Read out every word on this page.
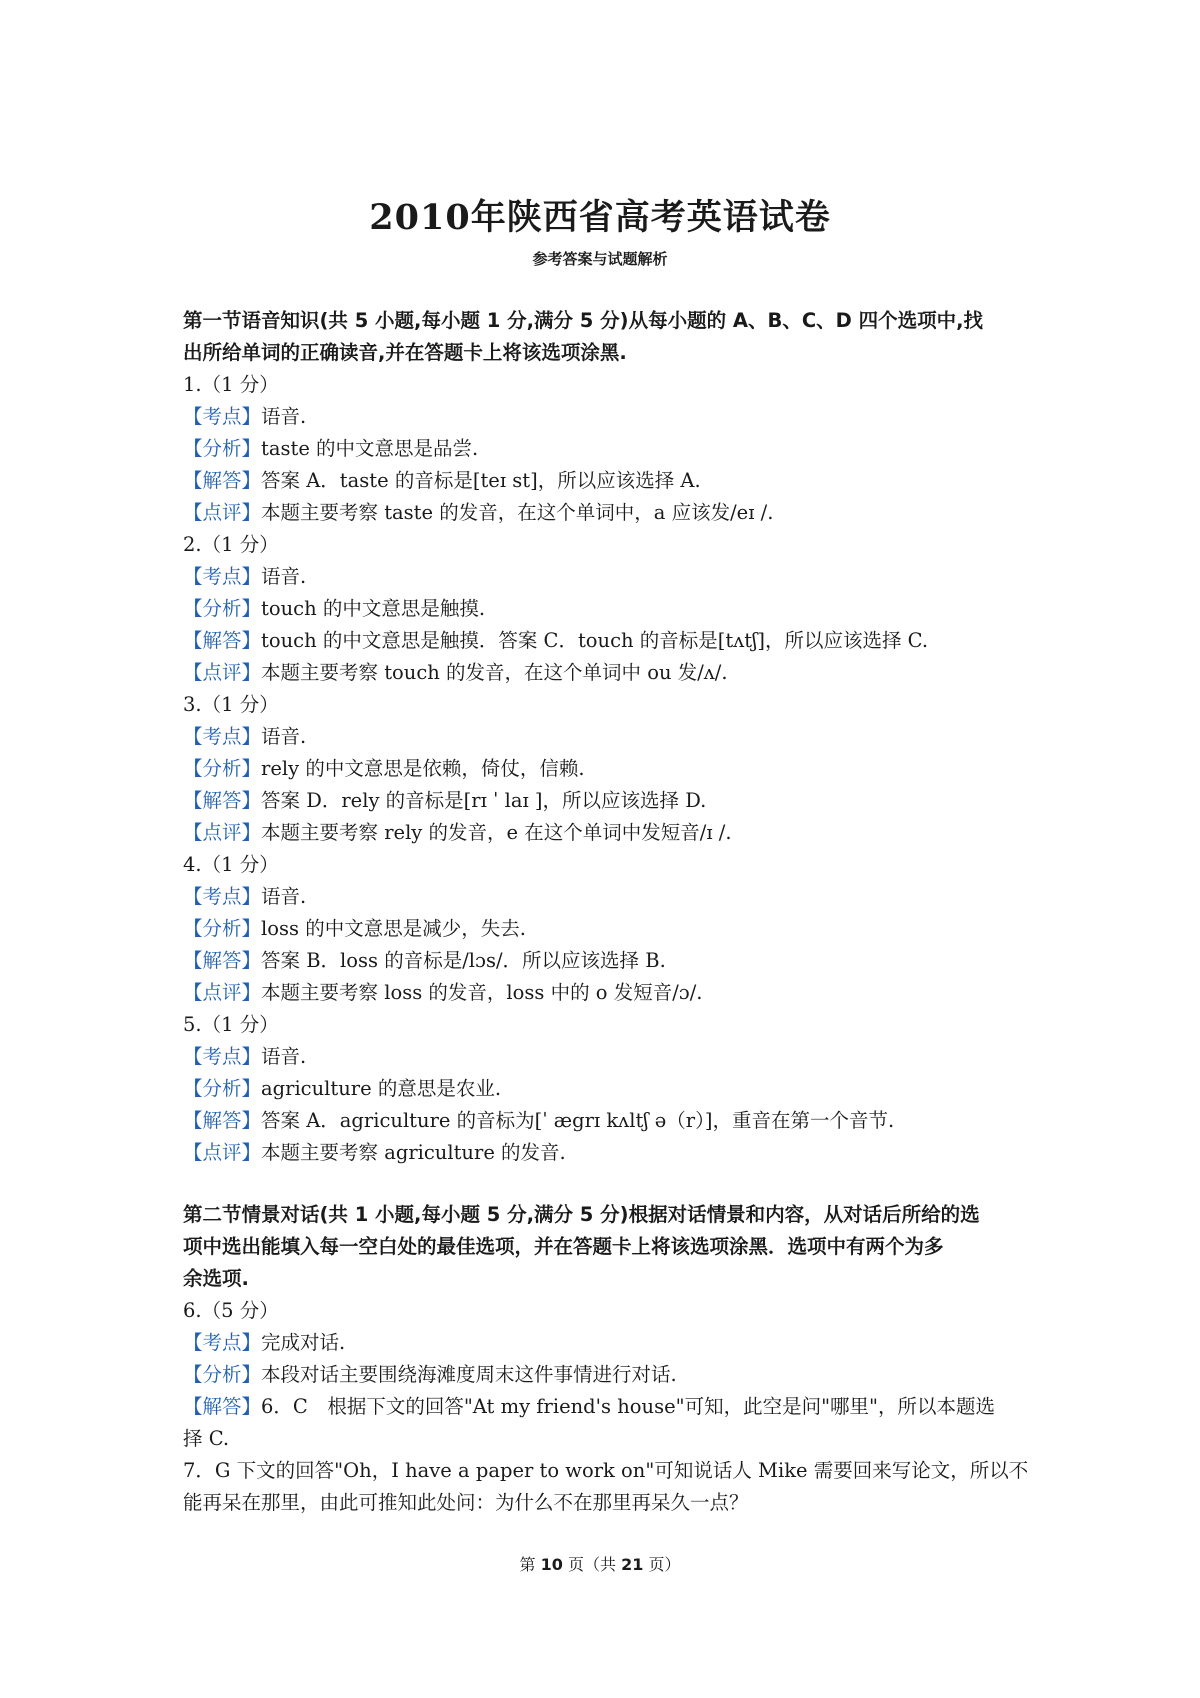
2010年陕西省高考英语试卷
参考答案与试题解析
第一节语音知识(共 5 小题,每小题 1 分,满分 5 分)从每小题的 A、B、C、D 四个选项中,找
出所给单词的正确读音,并在答题卡上将该选项涂黑.
1.（1 分）
【考点】语音.
【分析】taste 的中文意思是品尝.
【解答】答案 A．taste 的音标是[teɪ st]，所以应该选择 A.
【点评】本题主要考察 taste 的发音，在这个单词中，a 应该发/eɪ /.
2.（1 分）
【考点】语音.
【分析】touch 的中文意思是触摸.
【解答】touch 的中文意思是触摸．答案 C．touch 的音标是[tʌtʃ]，所以应该选择 C.
【点评】本题主要考察 touch 的发音，在这个单词中 ou 发/ʌ/.
3.（1 分）
【考点】语音.
【分析】rely 的中文意思是依赖，倚仗，信赖.
【解答】答案 D．rely 的音标是[rɪ ˈ laɪ ]，所以应该选择 D.
【点评】本题主要考察 rely 的发音，e 在这个单词中发短音/ɪ /.
4.（1 分）
【考点】语音.
【分析】loss 的中文意思是减少，失去.
【解答】答案 B．loss 的音标是/lɔs/．所以应该选择 B.
【点评】本题主要考察 loss 的发音，loss 中的 o 发短音/ɔ/.
5.（1 分）
【考点】语音.
【分析】agriculture 的意思是农业.
【解答】答案 A．agriculture 的音标为[ˈ ægrɪ kʌltʃ ə（r）]，重音在第一个音节.
【点评】本题主要考察 agriculture 的发音.
第二节情景对话(共 1 小题,每小题 5 分,满分 5 分)根据对话情景和内容，从对话后所给的选
项中选出能填入每一空白处的最佳选项，并在答题卡上将该选项涂黑．选项中有两个为多
余选项.
6.（5 分）
【考点】完成对话.
【分析】本段对话主要围绕海滩度周末这件事情进行对话.
【解答】6．C　根据下文的回答"At my friend's house"可知，此空是问"哪里"，所以本题选
择 C.
7．G 下文的回答"Oh，I have a paper to work on"可知说话人 Mike 需要回来写论文，所以不
能再呆在那里，由此可推知此处问：为什么不在那里再呆久一点？
第 10 页（共 21 页）
